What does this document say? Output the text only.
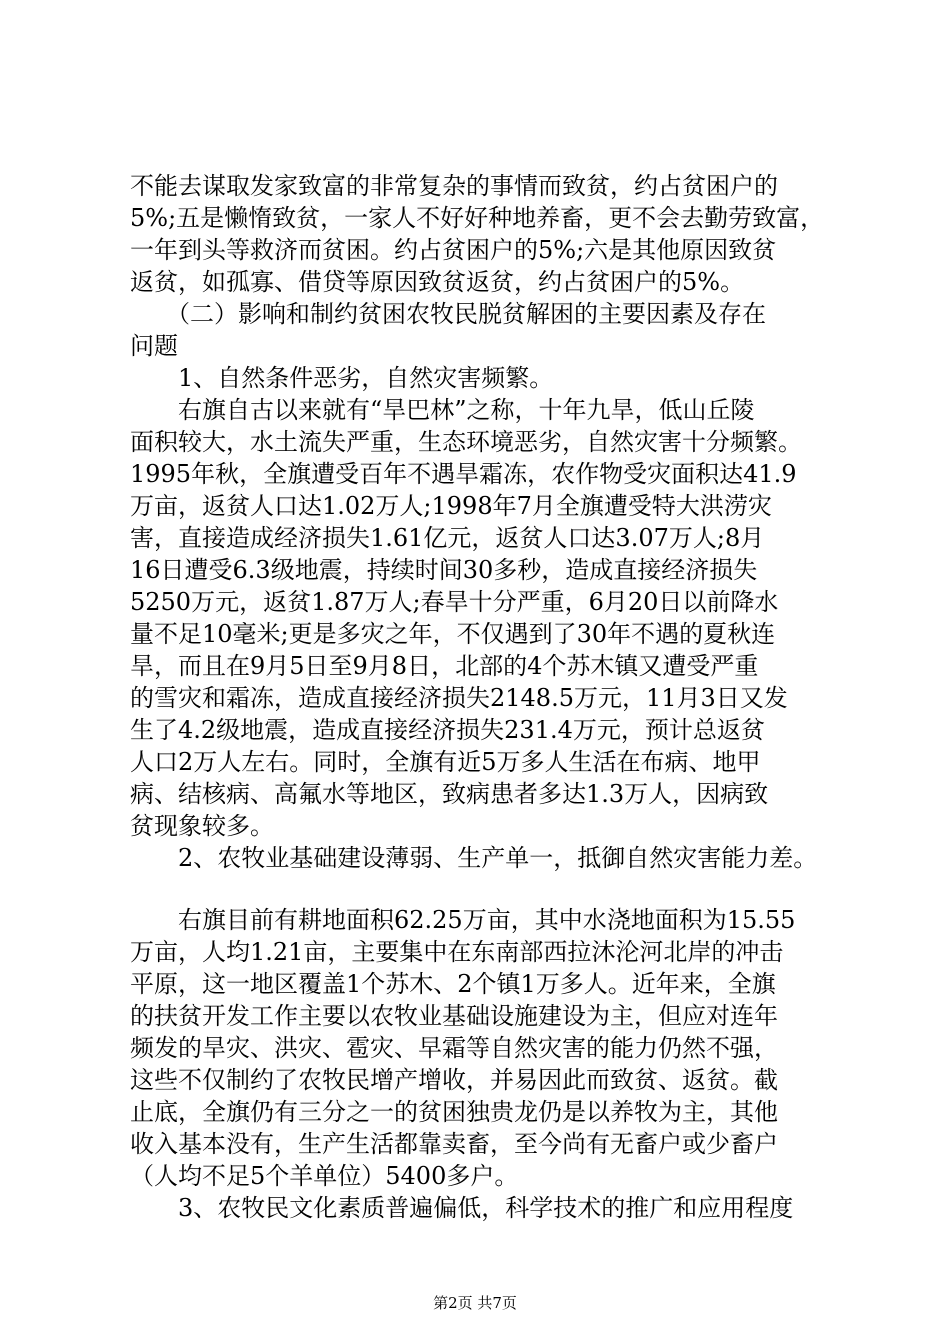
不能去谋取发家致富的非常复杂的事情而致贫，约占贫困户的
5%;五是懒惰致贫，一家人不好好种地养畜，更不会去勤劳致富，
一年到头等救济而贫困。约占贫困户的5%;六是其他原因致贫
返贫，如孤寡、借贷等原因致贫返贫，约占贫困户的5%。
　　（二）影响和制约贫困农牧民脱贫解困的主要因素及存在
问题
　　1、自然条件恶劣，自然灾害频繁。
　　右旗自古以来就有“旱巴林”之称，十年九旱，低山丘陵
面积较大，水土流失严重，生态环境恶劣，自然灾害十分频繁。
1995年秋，全旗遭受百年不遇旱霜冻，农作物受灾面积达41.9
万亩，返贫人口达1.02万人;1998年7月全旗遭受特大洪涝灾
害，直接造成经济损失1.61亿元，返贫人口达3.07万人;8月
16日遭受6.3级地震，持续时间30多秒，造成直接经济损失
5250万元，返贫1.87万人;春旱十分严重，6月20日以前降水
量不足10毫米;更是多灾之年，不仅遇到了30年不遇的夏秋连
旱，而且在9月5日至9月8日，北部的4个苏木镇又遭受严重
的雪灾和霜冻，造成直接经济损失2148.5万元，11月3日又发
生了4.2级地震，造成直接经济损失231.4万元，预计总返贫
人口2万人左右。同时，全旗有近5万多人生活在布病、地甲
病、结核病、高氟水等地区，致病患者多达1.3万人，因病致
贫现象较多。
　　2、农牧业基础建设薄弱、生产单一，抵御自然灾害能力差。
　　右旗目前有耕地面积62.25万亩，其中水浇地面积为15.55
万亩，人均1.21亩，主要集中在东南部西拉沐沦河北岸的冲击
平原，这一地区覆盖1个苏木、2个镇1万多人。近年来，全旗
的扶贫开发工作主要以农牧业基础设施建设为主，但应对连年
频发的旱灾、洪灾、雹灾、早霜等自然灾害的能力仍然不强，
这些不仅制约了农牧民增产增收，并易因此而致贫、返贫。截
止底，全旗仍有三分之一的贫困独贵龙仍是以养牧为主，其他
收入基本没有，生产生活都靠卖畜，至今尚有无畜户或少畜户
（人均不足5个羊单位）5400多户。
　　3、农牧民文化素质普遍偏低，科学技术的推广和应用程度
第2页 共7页
